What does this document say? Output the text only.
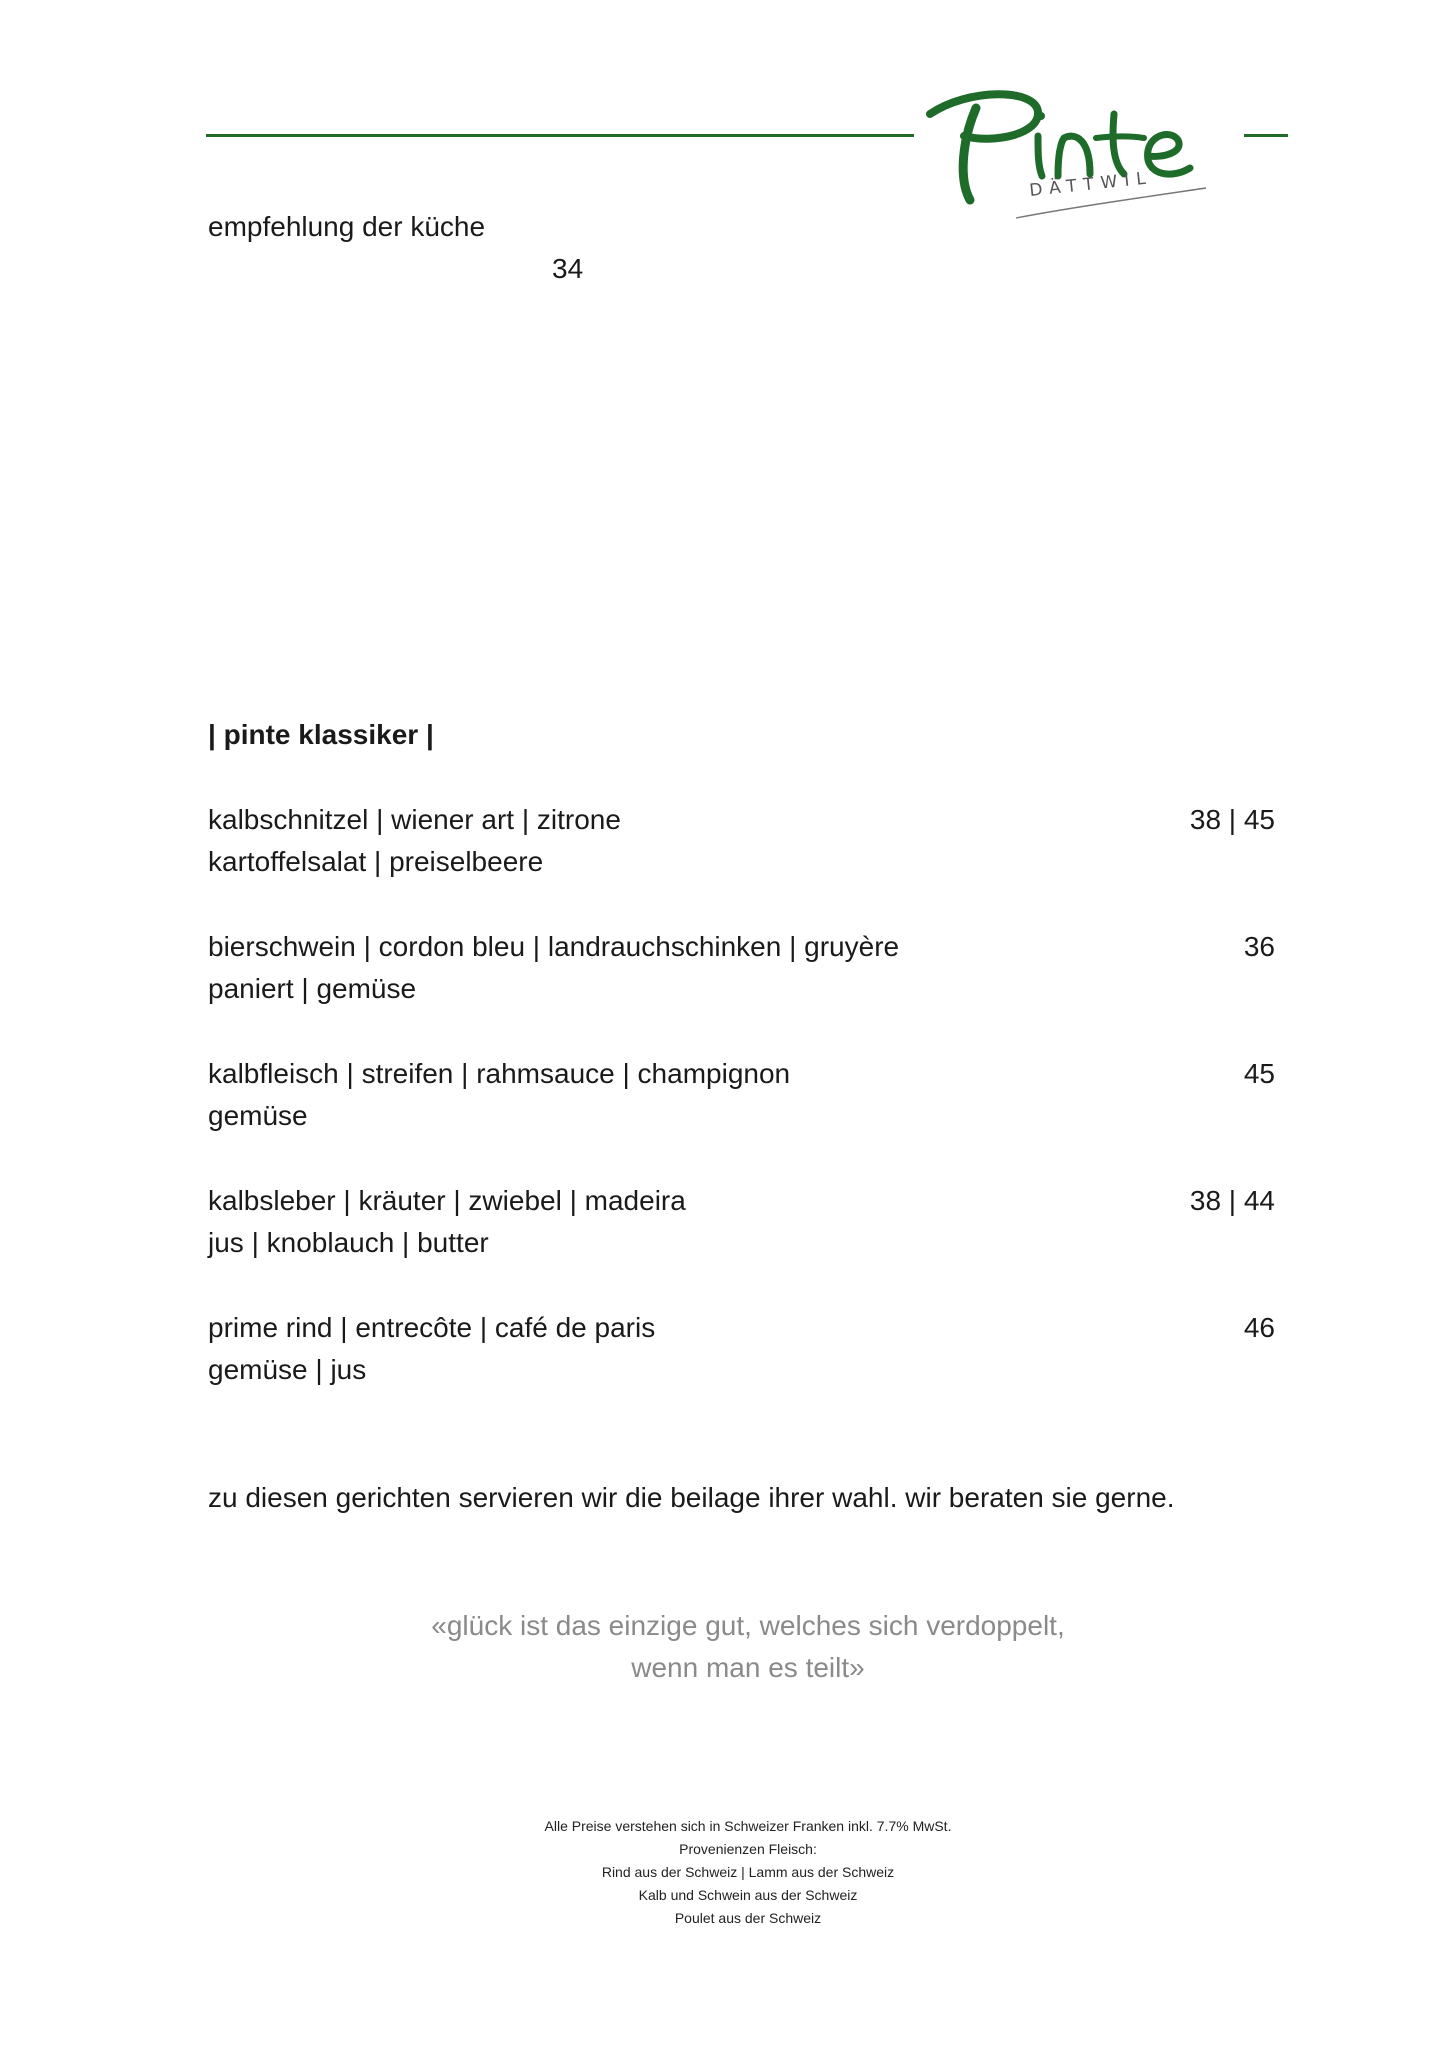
DÄTTWIL
empfehlung der küche
34
| pinte klassiker |
kalbschnitzel | wiener art | zitrone
kartoffelsalat | preiselbeere
38 | 45
bierschwein | cordon bleu | landrauchschinken | gruyère
paniert | gemüse
36
kalbfleisch | streifen | rahmsauce | champignon
gemüse
45
kalbsleber | kräuter | zwiebel | madeira
jus | knoblauch | butter
38 | 44
prime rind | entrecôte | café de paris
gemüse | jus
46
zu diesen gerichten servieren wir die beilage ihrer wahl. wir beraten sie gerne.
«glück ist das einzige gut, welches sich verdoppelt,
wenn man es teilt»
Alle Preise verstehen sich in Schweizer Franken inkl. 7.7% MwSt.
Provenienzen Fleisch:
Rind aus der Schweiz | Lamm aus der Schweiz
Kalb und Schwein aus der Schweiz
Poulet aus der Schweiz
